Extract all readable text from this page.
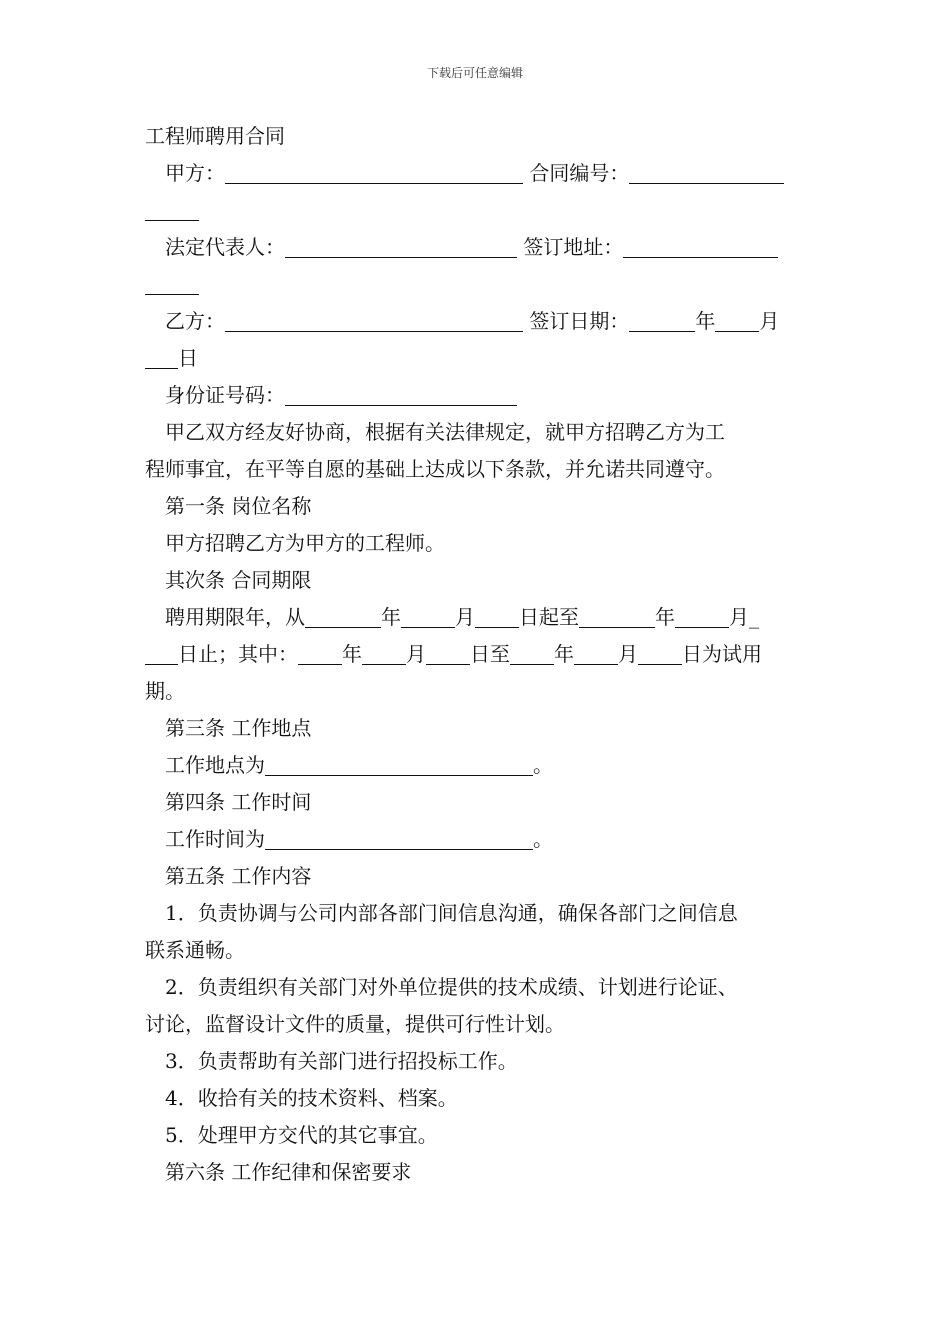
下载后可任意编辑
工程师聘用合同
甲方：	合同编号：
法定代表人：	签订地址：
乙方：	签订日期：	年 月
日
身份证号码：
甲乙双方经友好协商，根据有关法律规定，就甲方招聘乙方为工
程师事宜，在平等自愿的基础上达成以下条款，并允诺共同遵守。
第一条 岗位名称
甲方招聘乙方为甲方的工程师。
其次条 合同期限
聘用期限年，从	年	月 日起至	年	月_
日止；其中： 年 月 日至 年 月 日为试用
期。
第三条 工作地点
工作地点为	。
第四条 工作时间
工作时间为	。
第五条 工作内容
1．负责协调与公司内部各部门间信息沟通，确保各部门之间信息
联系通畅。
2．负责组织有关部门对外单位提供的技术成绩、计划进行论证、
讨论，监督设计文件的质量，提供可行性计划。
3．负责帮助有关部门进行招投标工作。
4．收拾有关的技术资料、档案。
5．处理甲方交代的其它事宜。
第六条 工作纪律和保密要求
